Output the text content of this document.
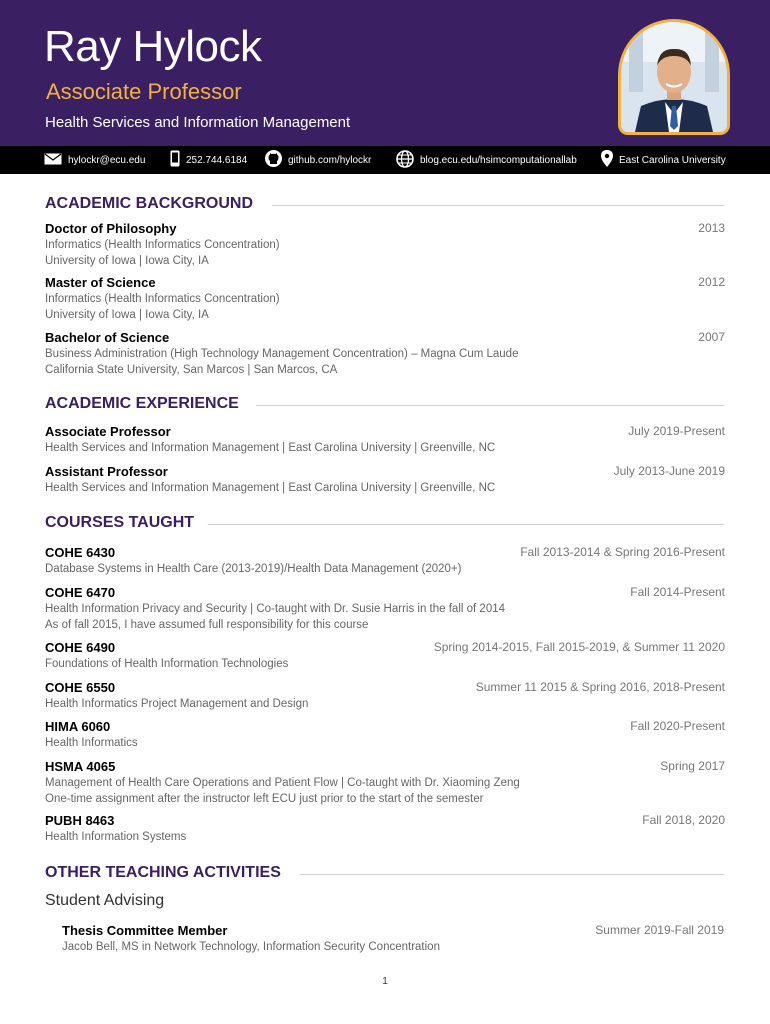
Ray Hylock
Associate Professor
Health Services and Information Management
hylockr@ecu.edu	252.744.6184	github.com/hylockr	blog.ecu.edu/hsimcomputationallab	East Carolina University
ACADEMIC BACKGROUND
Doctor of Philosophy	2013
Informatics (Health Informatics Concentration)
University of Iowa | Iowa City, IA
Master of Science	2012
Informatics (Health Informatics Concentration)
University of Iowa | Iowa City, IA
Bachelor of Science	2007
Business Administration (High Technology Management Concentration) – Magna Cum Laude
California State University, San Marcos | San Marcos, CA
ACADEMIC EXPERIENCE
Associate Professor	July 2019-Present
Health Services and Information Management | East Carolina University | Greenville, NC
Assistant Professor	July 2013-June 2019
Health Services and Information Management | East Carolina University | Greenville, NC
COURSES TAUGHT
COHE 6430	Fall 2013-2014 & Spring 2016-Present
Database Systems in Health Care (2013-2019)/Health Data Management (2020+)
COHE 6470	Fall 2014-Present
Health Information Privacy and Security | Co-taught with Dr. Susie Harris in the fall of 2014
As of fall 2015, I have assumed full responsibility for this course
COHE 6490	Spring 2014-2015, Fall 2015-2019, & Summer 11 2020
Foundations of Health Information Technologies
COHE 6550	Summer 11 2015 & Spring 2016, 2018-Present
Health Informatics Project Management and Design
HIMA 6060	Fall 2020-Present
Health Informatics
HSMA 4065	Spring 2017
Management of Health Care Operations and Patient Flow | Co-taught with Dr. Xiaoming Zeng
One-time assignment after the instructor left ECU just prior to the start of the semester
PUBH 8463	Fall 2018, 2020
Health Information Systems
OTHER TEACHING ACTIVITIES
Student Advising
Thesis Committee Member	Summer 2019-Fall 2019
Jacob Bell, MS in Network Technology, Information Security Concentration
1
